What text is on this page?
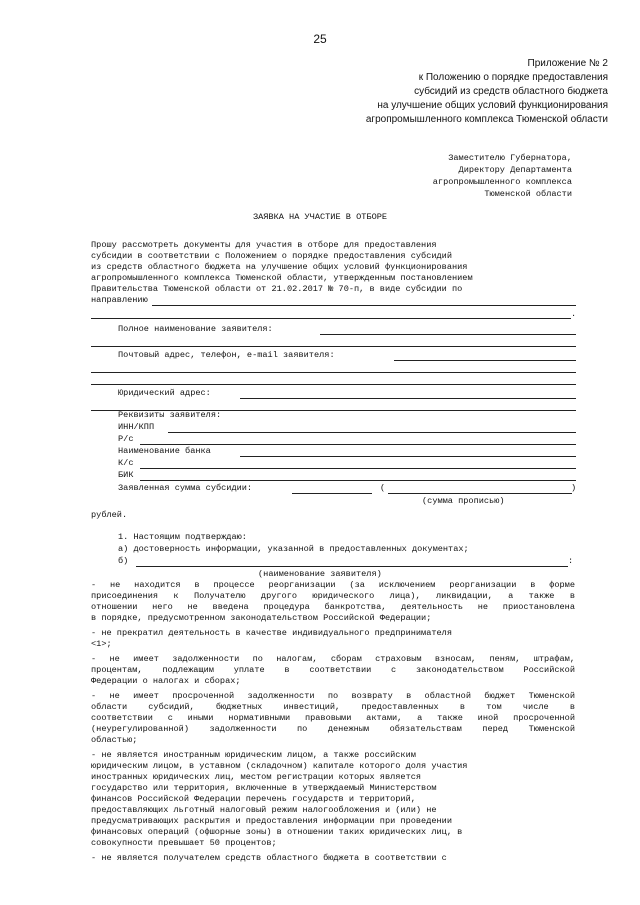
25
Приложение № 2
к Положению о порядке предоставления
субсидий из средств областного бюджета
на улучшение общих условий функционирования
агропромышленного комплекса Тюменской области
Заместителю Губернатора,
Директору Департамента
агропромышленного комплекса
Тюменской области
ЗАЯВКА НА УЧАСТИЕ В ОТБОРЕ
Прошу рассмотреть документы для участия в отборе для предоставления
субсидии в соответствии с Положением о порядке предоставления субсидий
из средств областного бюджета на улучшение общих условий функционирования
агропромышленного комплекса Тюменской области, утвержденным постановлением
Правительства Тюменской области от 21.02.2017 № 70-п, в виде субсидии по
направлению
.
Полное наименование заявителя:
Почтовый адрес, телефон, e-mail заявителя:
Юридический адрес:
Реквизиты заявителя:
ИНН/КПП
Р/с
Наименование банка
К/с
БИК
Заявленная сумма субсидии:	(	)
(сумма прописью)
рублей.
1. Настоящим подтверждаю:
а) достоверность информации, указанной в предоставленных документах;
б)	:
(наименование заявителя)
- не находится в процессе реорганизации (за исключением реорганизации в форме
присоединения к Получателю другого юридического лица), ликвидации, а также в
отношении него не введена процедура банкротства, деятельность не приостановлена
в порядке, предусмотренном законодательством Российской Федерации;
- не прекратил деятельность в качестве индивидуального предпринимателя
<1>;
- не имеет задолженности по налогам, сборам страховым взносам, пеням, штрафам,
процентам, подлежащим уплате в соответствии с законодательством Российской
Федерации о налогах и сборах;
- не имеет просроченной задолженности по возврату в областной бюджет Тюменской
области субсидий, бюджетных инвестиций, предоставленных в том числе в
соответствии с иными нормативными правовыми актами, а также иной просроченной
(неурегулированной) задолженности по денежным обязательствам перед Тюменской
областью;
- не является иностранным юридическим лицом, а также российским
юридическим лицом, в уставном (складочном) капитале которого доля участия
иностранных юридических лиц, местом регистрации которых является
государство или территория, включенные в утверждаемый Министерством
финансов Российской Федерации перечень государств и территорий,
предоставляющих льготный налоговый режим налогообложения и (или) не
предусматривающих раскрытия и предоставления информации при проведении
финансовых операций (офшорные зоны) в отношении таких юридических лиц, в
совокупности превышает 50 процентов;
- не является получателем средств областного бюджета в соответствии с
